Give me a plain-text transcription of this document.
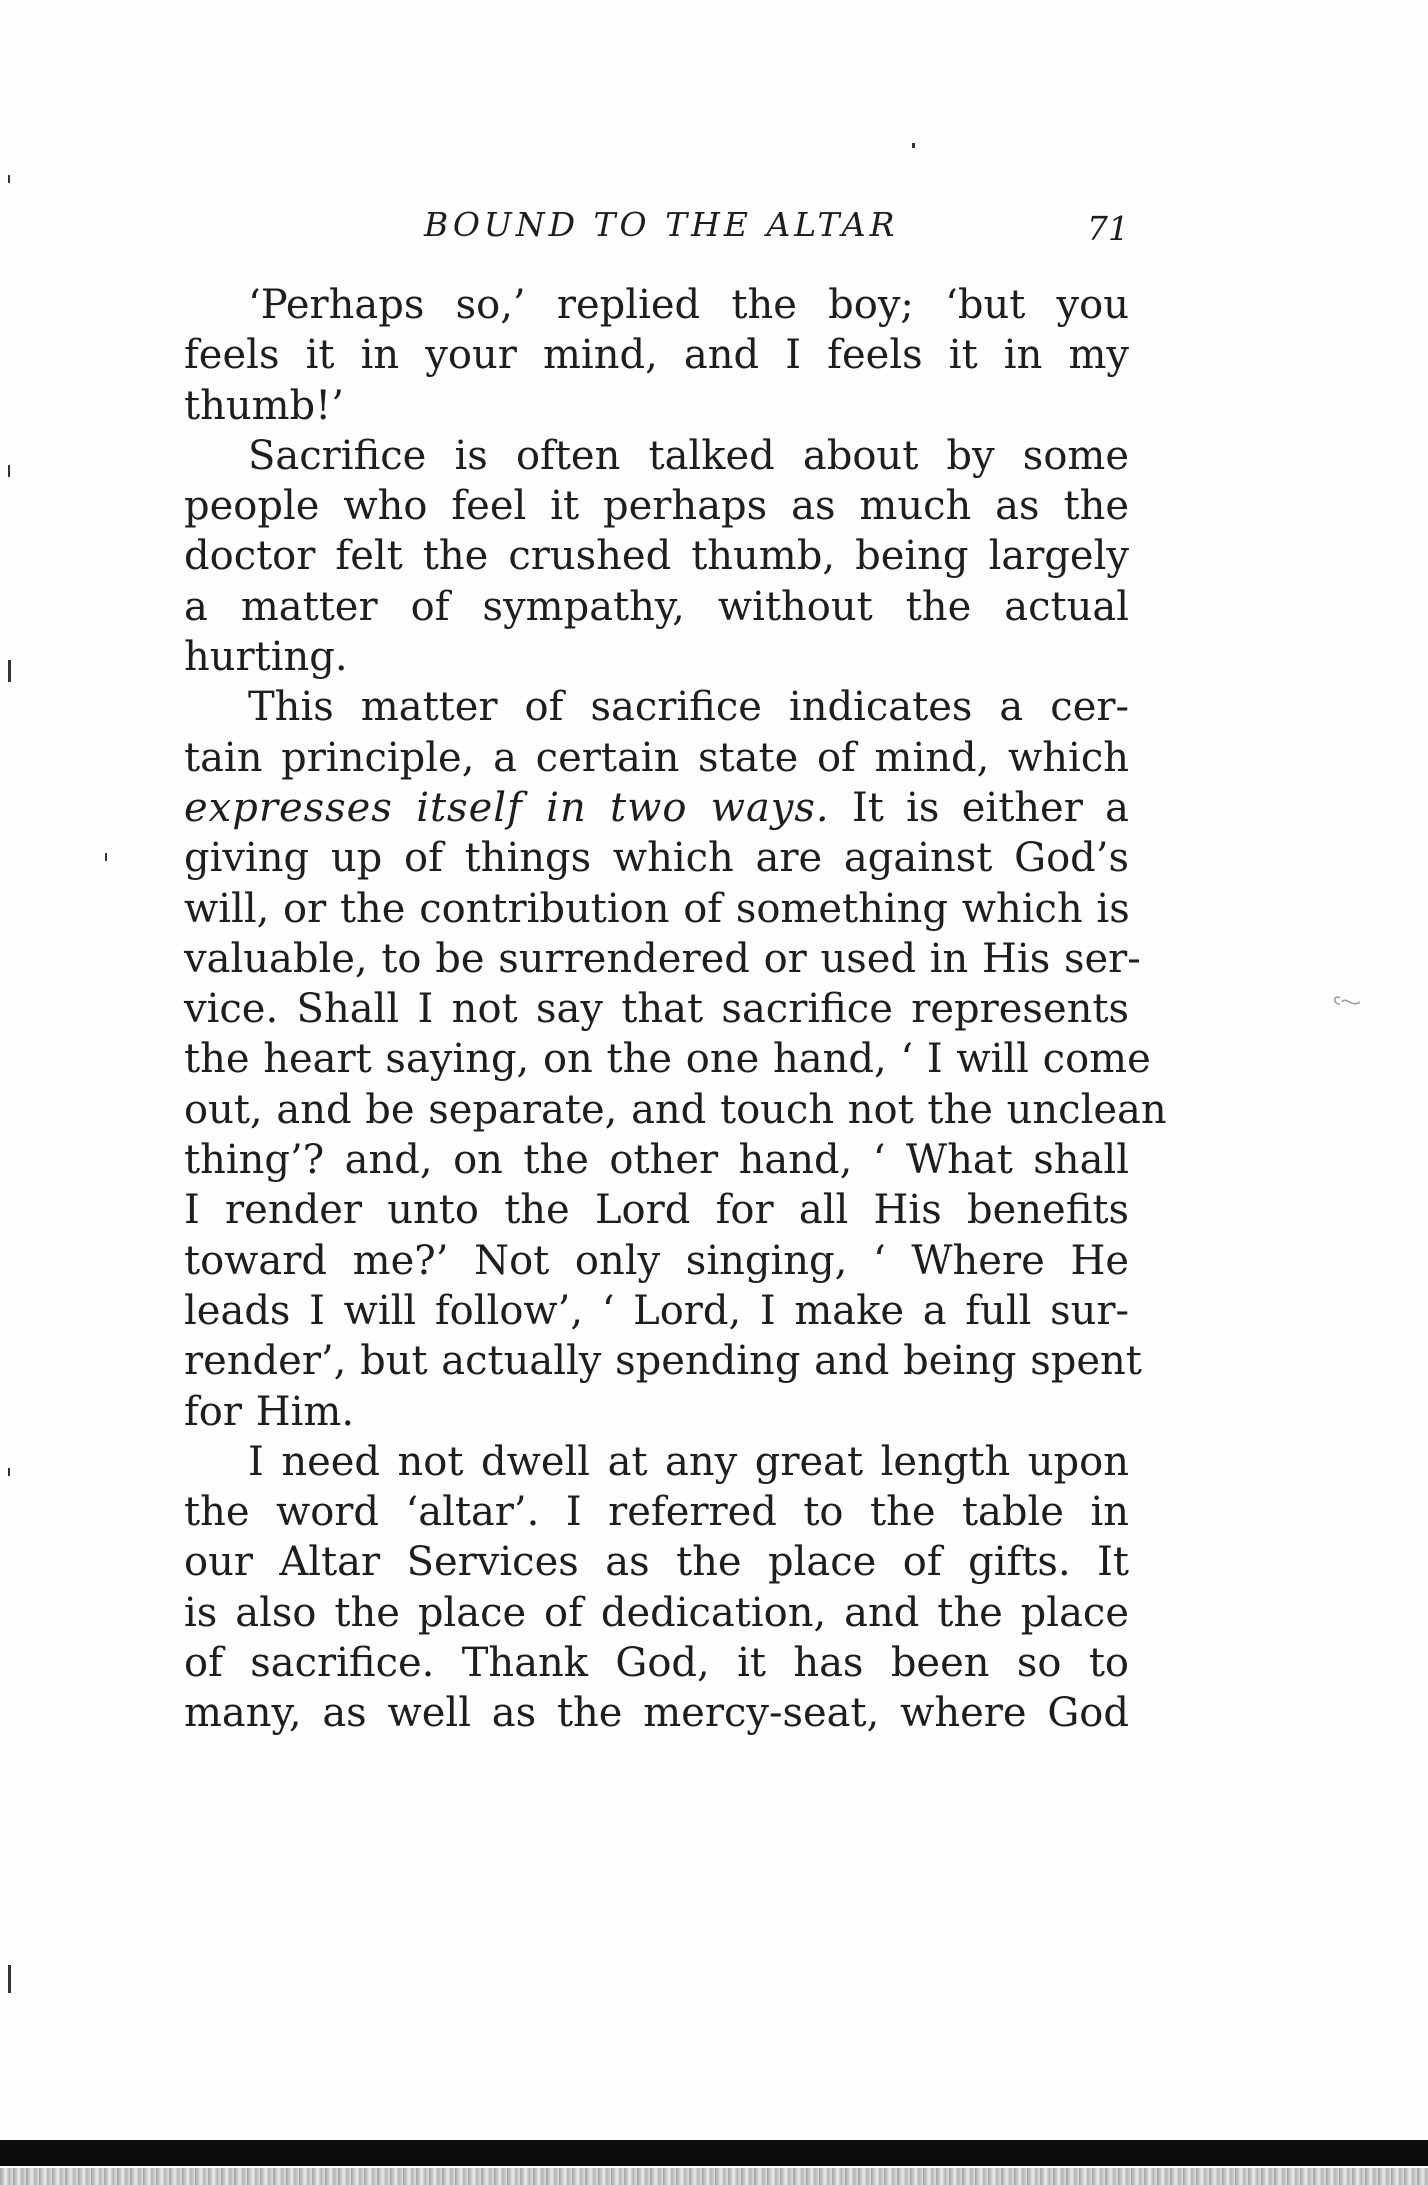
BOUND TO THE ALTAR	71
‘Perhaps so,’ replied the boy; ‘but you
feels it in your mind, and I feels it in my
thumb!’
Sacrifice is often talked about by some
people who feel it perhaps as much as the
doctor felt the crushed thumb, being largely
a matter of sympathy, without the actual
hurting.
This matter of sacrifice indicates a cer-
tain principle, a certain state of mind, which
expresses itself in two ways. It is either a
giving up of things which are against God’s
will, or the contribution of something which is
valuable, to be surrendered or used in His ser-
vice. Shall I not say that sacrifice represents
the heart saying, on the one hand, ‘ I will come
out, and be separate, and touch not the unclean
thing’? and, on the other hand, ‘ What shall
I render unto the Lord for all His benefits
toward me?’ Not only singing, ‘ Where He
leads I will follow’, ‘ Lord, I make a full sur-
render’, but actually spending and being spent
for Him.
I need not dwell at any great length upon
the word ‘altar’. I referred to the table in
our Altar Services as the place of gifts. It
is also the place of dedication, and the place
of sacrifice. Thank God, it has been so to
many, as well as the mercy-seat, where God
